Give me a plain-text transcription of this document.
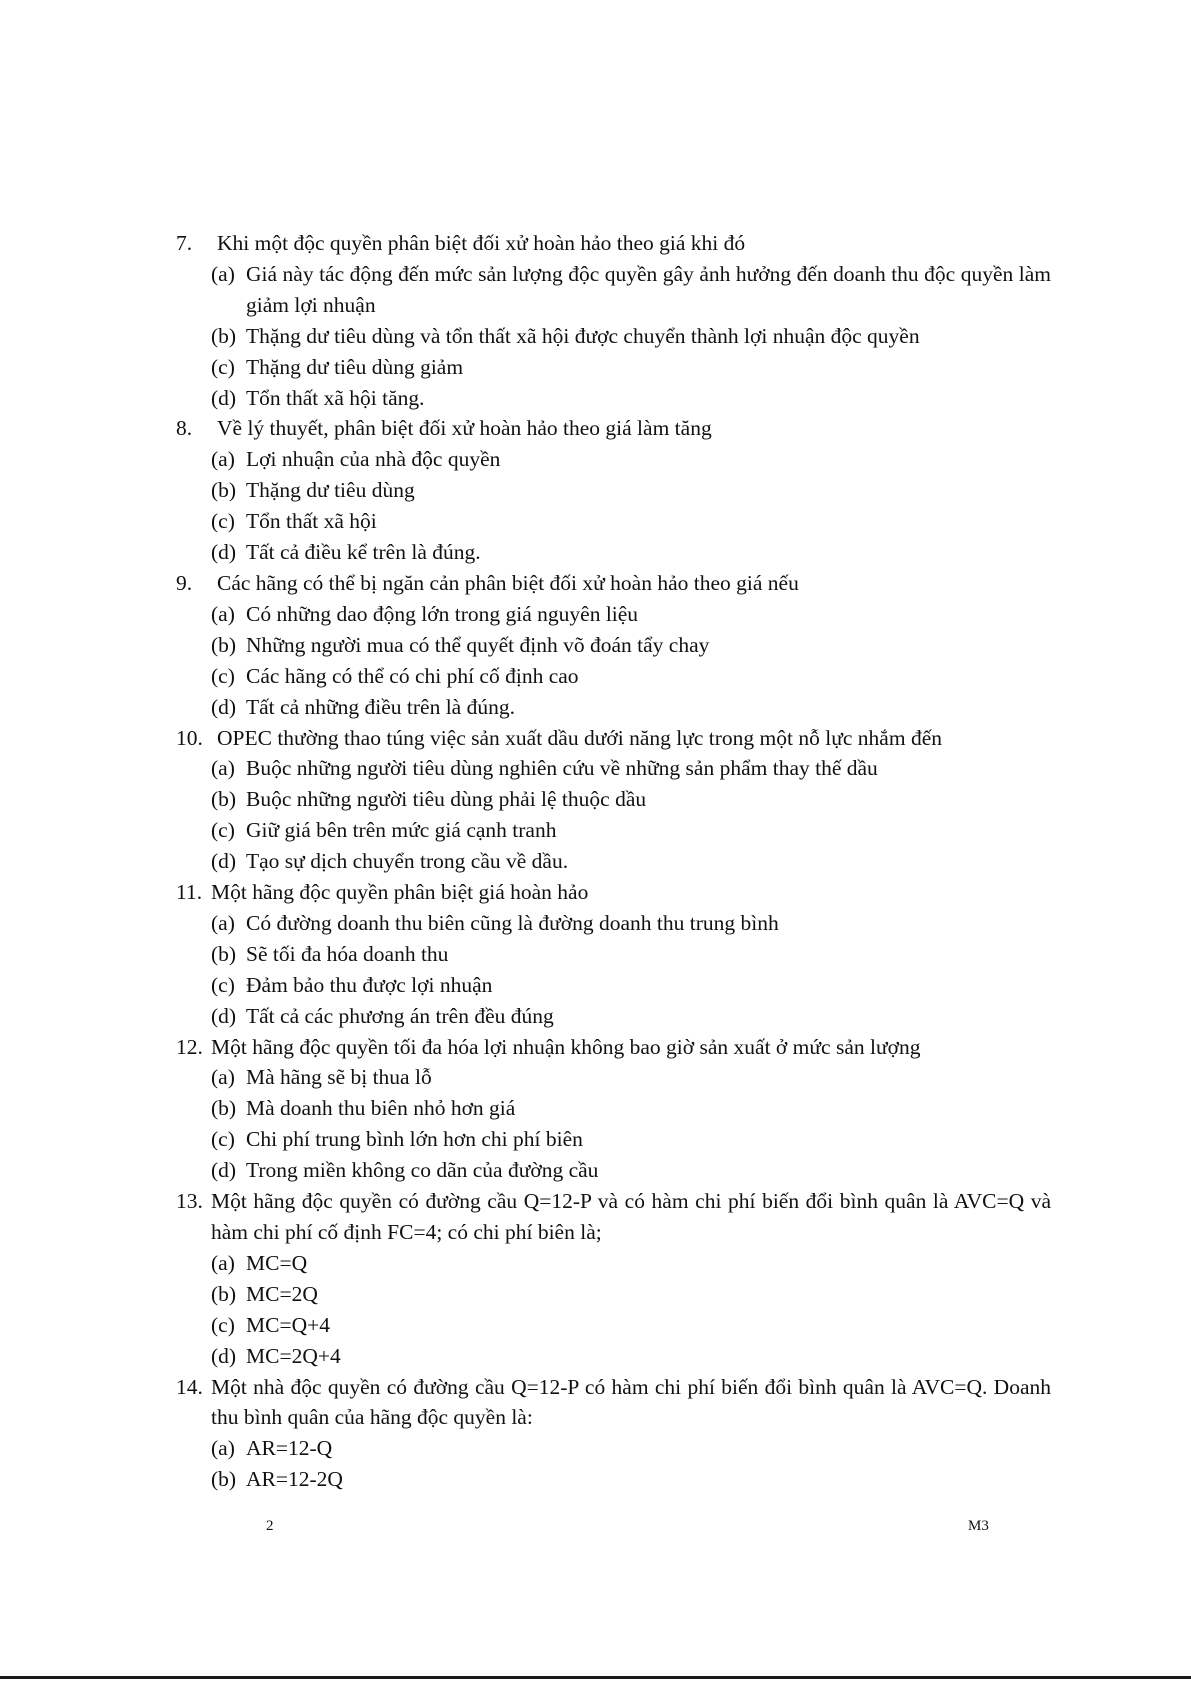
7. Khi một độc quyền phân biệt đối xử hoàn hảo theo giá khi đó
(a) Giá này tác động đến mức sản lượng độc quyền gây ảnh hưởng đến doanh thu độc quyền làm giảm lợi nhuận
(b) Thặng dư tiêu dùng và tổn thất xã hội được chuyển thành lợi nhuận độc quyền
(c) Thặng dư tiêu dùng giảm
(d) Tổn thất xã hội tăng.
8. Về lý thuyết, phân biệt đối xử hoàn hảo theo giá làm tăng
(a) Lợi nhuận của nhà độc quyền
(b) Thặng dư tiêu dùng
(c) Tổn thất xã hội
(d) Tất cả điều kể trên là đúng.
9. Các hãng có thể bị ngăn cản phân biệt đối xử hoàn hảo theo giá nếu
(a) Có những dao động lớn trong giá nguyên liệu
(b) Những người mua có thể quyết định võ đoán tẩy chay
(c) Các hãng có thể có chi phí cố định cao
(d) Tất cả những điều trên là đúng.
10. OPEC thường thao túng việc sản xuất dầu dưới năng lực trong một nỗ lực nhắm đến
(a) Buộc những người tiêu dùng nghiên cứu về những sản phẩm thay thế dầu
(b) Buộc những người tiêu dùng phải lệ thuộc dầu
(c) Giữ giá bên trên mức giá cạnh tranh
(d) Tạo sự dịch chuyển trong cầu về dầu.
11. Một hãng độc quyền phân biệt giá hoàn hảo
(a) Có đường doanh thu biên cũng là đường doanh thu trung bình
(b) Sẽ tối đa hóa doanh thu
(c) Đảm bảo thu được lợi nhuận
(d) Tất cả các phương án trên đều đúng
12. Một hãng độc quyền tối đa hóa lợi nhuận không bao giờ sản xuất ở mức sản lượng
(a) Mà hãng sẽ bị thua lỗ
(b) Mà doanh thu biên nhỏ hơn giá
(c) Chi phí trung bình lớn hơn chi phí biên
(d) Trong miền không co dãn của đường cầu
13. Một hãng độc quyền có đường cầu Q=12-P và có hàm chi phí biến đổi bình quân là AVC=Q và hàm chi phí cố định FC=4; có chi phí biên là;
(a) MC=Q
(b) MC=2Q
(c) MC=Q+4
(d) MC=2Q+4
14. Một nhà độc quyền có đường cầu Q=12-P có hàm chi phí biến đổi bình quân là AVC=Q. Doanh thu bình quân của hãng độc quyền là:
(a) AR=12-Q
(b) AR=12-2Q
2	M3
